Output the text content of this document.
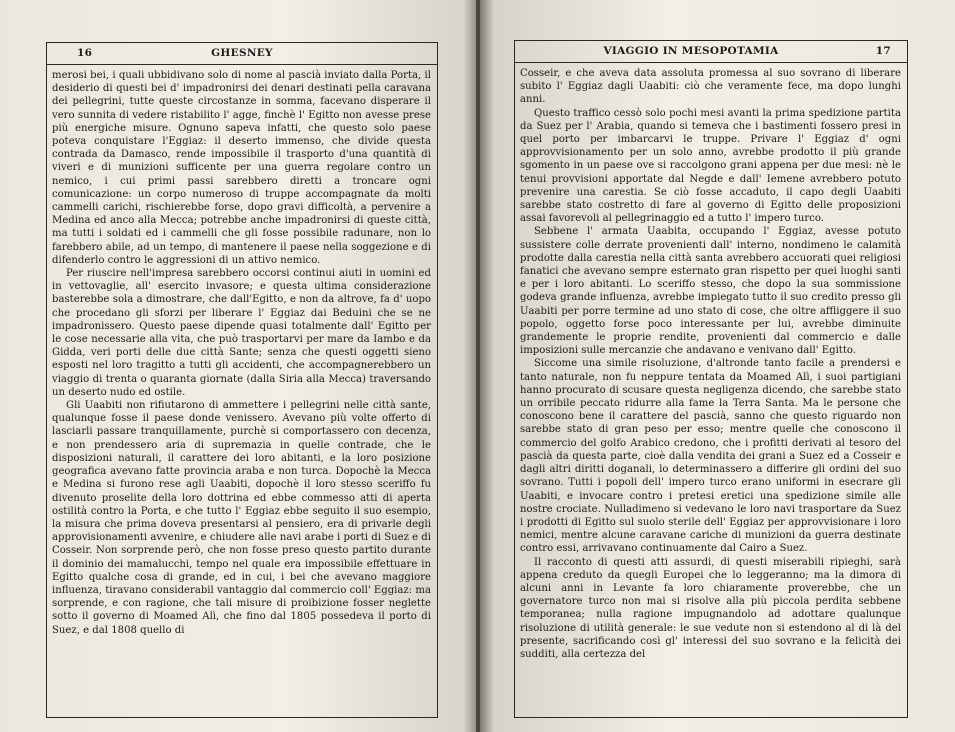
16	GHESNEY

merosi bei, i quali ubbidivano solo di nome al pascià inviato dalla Porta, il desiderio di questi bei d' impadronirsi dei denari destinati pella caravana dei pellegrini, tutte queste circostanze in somma, facevano disperare il vero sunnita di vedere ristabilito l' agge, finchè l' Egitto non avesse prese più energiche misure. Ognuno sapeva infatti, che questo solo paese poteva conquistare l'Eggiaz: il deserto immenso, che divide questa contrada da Damasco, rende impossibile il trasporto d'una quantità di viveri e di munizioni sufficente per una guerra regolare contro un nemico, i cui primi passi sarebbero diretti a troncare ogni comunicazione: un corpo numeroso di truppe accompagnate da molti cammelli carichi, rischierebbe forse, dopo gravi difficoltà, a pervenire a Medina ed anco alla Mecca; potrebbe anche impadronirsi di queste città, ma tutti i soldati ed i cammelli che gli fosse possibile radunare, non lo farebbero abile, ad un tempo, di mantenere il paese nella soggezione e di difenderlo contro le aggressioni di un attivo nemico.

Per riuscire nell'impresa sarebbero occorsi continui aiuti in uomini ed in vettovaglie, all' esercito invasore; e questa ultima considerazione basterebbe sola a dimostrare, che dall'Egitto, e non da altrove, fa d' uopo che procedano gli sforzi per liberare l' Eggiaz dai Beduini che se ne impadronissero. Questo paese dipende quasi totalmente dall' Egitto per le cose necessarie alla vita, che può trasportarvi per mare da Iambo e da Gidda, veri porti delle due città Sante; senza che questi oggetti sieno esposti nel loro tragitto a tutti gli accidenti, che accompagnerebbero un viaggio di trenta o quaranta giornate (dalla Siria alla Mecca) traversando un deserto nudo ed ostile.

Gli Uaabiti non rifiutarono di ammettere i pellegrini nelle città sante, qualunque fosse il paese donde venissero. Avevano più volte offerto di lasciarli passare tranquillamente, purchè si comportassero con decenza, e non prendessero aria di supremazia in quelle contrade, che le disposizioni naturali, il carattere dei loro abitanti, e la loro posizione geografica avevano fatte provincia araba e non turca. Dopochè la Mecca e Medina si furono rese agli Uaabiti, dopochè il loro stesso sceriffo fu divenuto proselite della loro dottrina ed ebbe commesso atti di aperta ostilità contro la Porta, e che tutto l' Eggiaz ebbe seguito il suo esempio, la misura che prima doveva presentarsi al pensiero, era di privarle degli approvisionamenti avvenire, e chiudere alle navi arabe i porti di Suez e di Cosseir. Non sorprende però, che non fosse preso questo partito durante il dominio dei mamalucchi, tempo nel quale era impossibile effettuare in Egitto qualche cosa di grande, ed in cui, i bei che avevano maggiore influenza, tiravano considerabil vantaggio dal commercio coll' Eggiaz: ma sorprende, e con ragione, che tali misure di proibizione fosser neglette sotto il governo di Moamed Alì, che fino dal 1805 possedeva il porto di Suez, e dal 1808 quello di

VIAGGIO IN MESOPOTAMIA	17

Cosseir, e che aveva data assoluta promessa al suo sovrano di liberare subito l' Eggiaz dagli Uaabiti: ciò che veramente fece, ma dopo lunghi anni.

Questo traffico cessò solo pochi mesi avanti la prima spedizione partita da Suez per l' Arabia, quando si temeva che i bastimenti fossero presi in quel porto per imbarcarvi le truppe. Privare l' Eggiaz d' ogni approvvisionamento per un solo anno, avrebbe prodotto il più grande sgomento in un paese ove si raccolgono grani appena per due mesi: nè le tenui provvisioni apportate dal Negde e dall' Iemene avrebbero potuto prevenire una carestia. Se ciò fosse accaduto, il capo degli Uaabiti sarebbe stato costretto di fare al governo di Egitto delle proposizioni assai favorevoli al pellegrinaggio ed a tutto l' impero turco.

Sebbene l' armata Uaabita, occupando l' Eggiaz, avesse potuto sussistere colle derrate provenienti dall' interno, nondimeno le calamità prodotte dalla carestia nella città santa avrebbero accuorati quei religiosi fanatici che avevano sempre esternato gran rispetto per quei luoghi santi e per i loro abitanti. Lo sceriffo stesso, che dopo la sua sommissione godeva grande influenza, avrebbe impiegato tutto il suo credito presso gli Uaabiti per porre termine ad uno stato di cose, che oltre affliggere il suo popolo, oggetto forse poco interessante per lui, avrebbe diminuite grandemente le proprie rendite, provenienti dal commercio e dalle imposizioni sulle mercanzie che andavano e venivano dall' Egitto.

Siccome una simile risoluzione, d'altronde tanto facile a prendersi e tanto naturale, non fu neppure tentata da Moamed Alì, i suoi partigiani hanno procurato di scusare questa negligenza dicendo, che sarebbe stato un orribile peccato ridurre alla fame la Terra Santa. Ma le persone che conoscono bene il carattere del pascià, sanno che questo riguardo non sarebbe stato di gran peso per esso; mentre quelle che conoscono il commercio del golfo Arabico credono, che i profitti derivati al tesoro del pascià da questa parte, cioè dalla vendita dei grani a Suez ed a Cosseir e dagli altri diritti doganali, lo determinassero a differire gli ordini del suo sovrano. Tutti i popoli dell' impero turco erano uniformi in esecrare gli Uaabiti, e invocare contro i pretesi eretici una spedizione simile alle nostre crociate. Nulladimeno si vedevano le loro navi trasportare da Suez i prodotti di Egitto sul suolo sterile dell' Eggiaz per approvvisionare i loro nemici, mentre alcune caravane cariche di munizioni da guerra destinate contro essi, arrivavano continuamente dal Cairo a Suez.

Il racconto di questi atti assurdi, di questi miserabili ripieghi, sarà appena creduto da quegli Europei che lo leggeranno; ma la dimora di alcuni anni in Levante fa loro chiaramente proverebbe, che un governatore turco non mai si risolve alla più piccola perdita sebbene temporanea; nulla ragione impugnandolo ad adottare qualunque risoluzione di utilità generale: le sue vedute non si estendono al di là del presente, sacrificando così gl' interessi del suo sovrano e la felicità dei sudditi, alla certezza del
